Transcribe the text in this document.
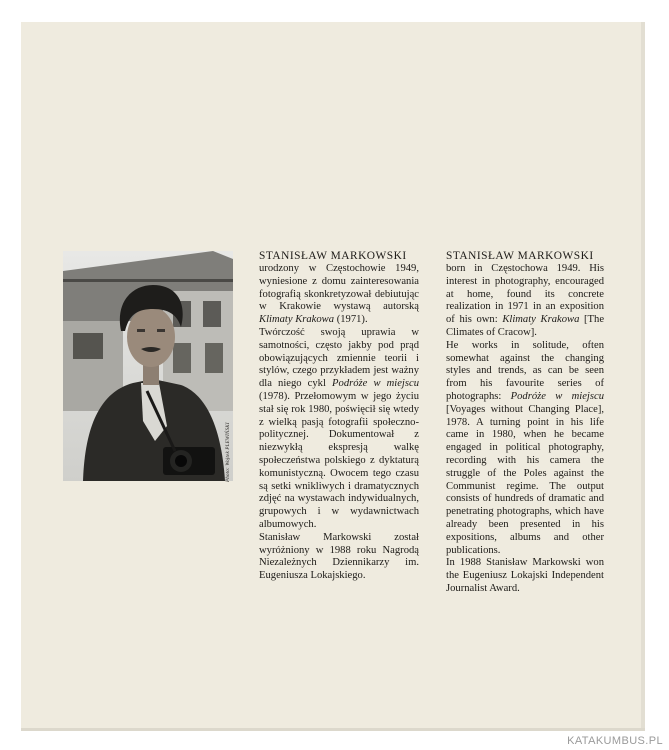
Photo: Wojtek PLEWIŃSKI
STANISŁAW MARKOWSKI

urodzony w Częstochowie 1949, wyniesione z domu zainteresowania fotografią skonkretyzował debiutując w Krakowie wystawą autorską Klimaty Krakowa (1971).

Twórczość swoją uprawia w samotności, często jakby pod prąd obowiązujących zmiennie teorii i stylów, czego przykładem jest ważny dla niego cykl Podróże w miejscu (1978). Przełomowym w jego życiu stał się rok 1980, poświęcił się wtedy z wielką pasją fotografii społeczno-politycznej. Dokumentował z niezwykłą ekspresją walkę społeczeństwa polskiego z dyktaturą komunistyczną. Owocem tego czasu są setki wnikliwych i dramatycznych zdjęć na wystawach indywidualnych, grupowych i w wydawnictwach albumowych.

Stanisław Markowski został wyróżniony w 1988 roku Nagrodą Niezależnych Dziennikarzy im. Eugeniusza Lokajskiego.

STANISŁAW MARKOWSKI

born in Częstochowa 1949. His interest in photography, encouraged at home, found its concrete realization in 1971 in an exposition of his own: Klimaty Krakowa [The Climates of Cracow].

He works in solitude, often somewhat against the changing styles and trends, as can be seen from his favourite series of photographs: Podróże w miejscu [Voyages without Changing Place], 1978. A turning point in his life came in 1980, when he became engaged in political photography, recording with his camera the struggle of the Poles against the Communist regime. The output consists of hundreds of dramatic and penetrating photographs, which have already been presented in his expositions, albums and other publications.

In 1988 Stanisław Markowski won the Eugeniusz Lokajski Independent Journalist Award.

KATAKUMBUS.PL
